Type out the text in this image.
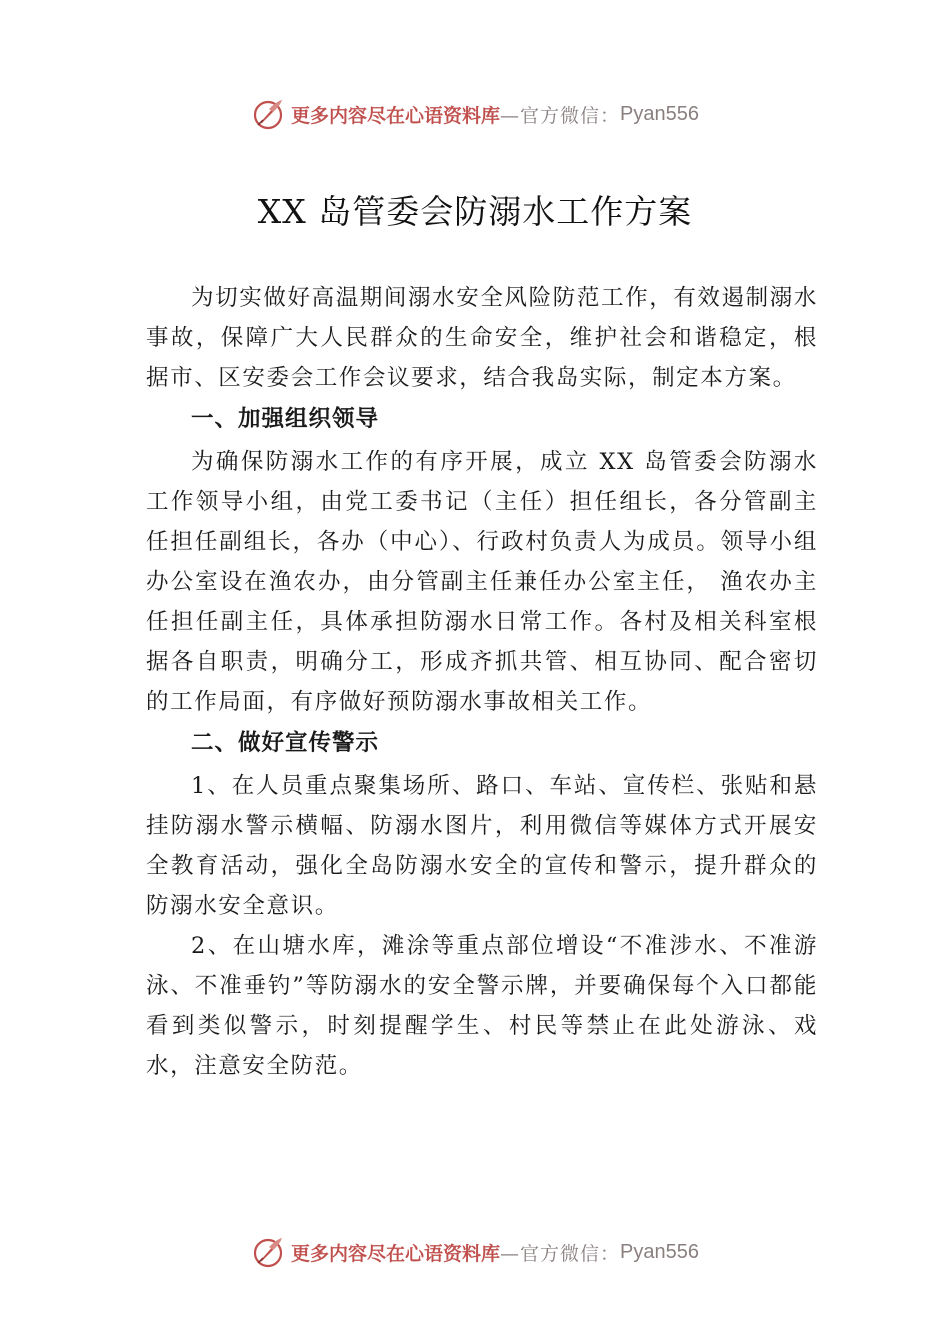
更多内容尽在心语资料库 —官方微信： Pyan556
XX 岛管委会防溺水工作方案

为切实做好高温期间溺水安全风险防范工作，有效遏制溺水事故，保障广大人民群众的生命安全，维护社会和谐稳定，根据市、区安委会工作会议要求，结合我岛实际，制定本方案。

一、加强组织领导

为确保防溺水工作的有序开展，成立 XX 岛管委会防溺水工作领导小组，由党工委书记（主任）担任组长，各分管副主任担任副组长，各办（中心）、行政村负责人为成员。领导小组办公室设在渔农办，由分管副主任兼任办公室主任， 渔农办主任担任副主任，具体承担防溺水日常工作。各村及相关科室根据各自职责，明确分工，形成齐抓共管、相互协同、配合密切的工作局面，有序做好预防溺水事故相关工作。

二、做好宣传警示

1、在人员重点聚集场所、路口、车站、宣传栏、张贴和悬挂防溺水警示横幅、防溺水图片，利用微信等媒体方式开展安全教育活动，强化全岛防溺水安全的宣传和警示，提升群众的防溺水安全意识。

2、在山塘水库，滩涂等重点部位增设“不准涉水、不准游泳、不准垂钓”等防溺水的安全警示牌，并要确保每个入口都能看到类似警示，时刻提醒学生、村民等禁止在此处游泳、戏水，注意安全防范。

更多内容尽在心语资料库 —官方微信： Pyan556
